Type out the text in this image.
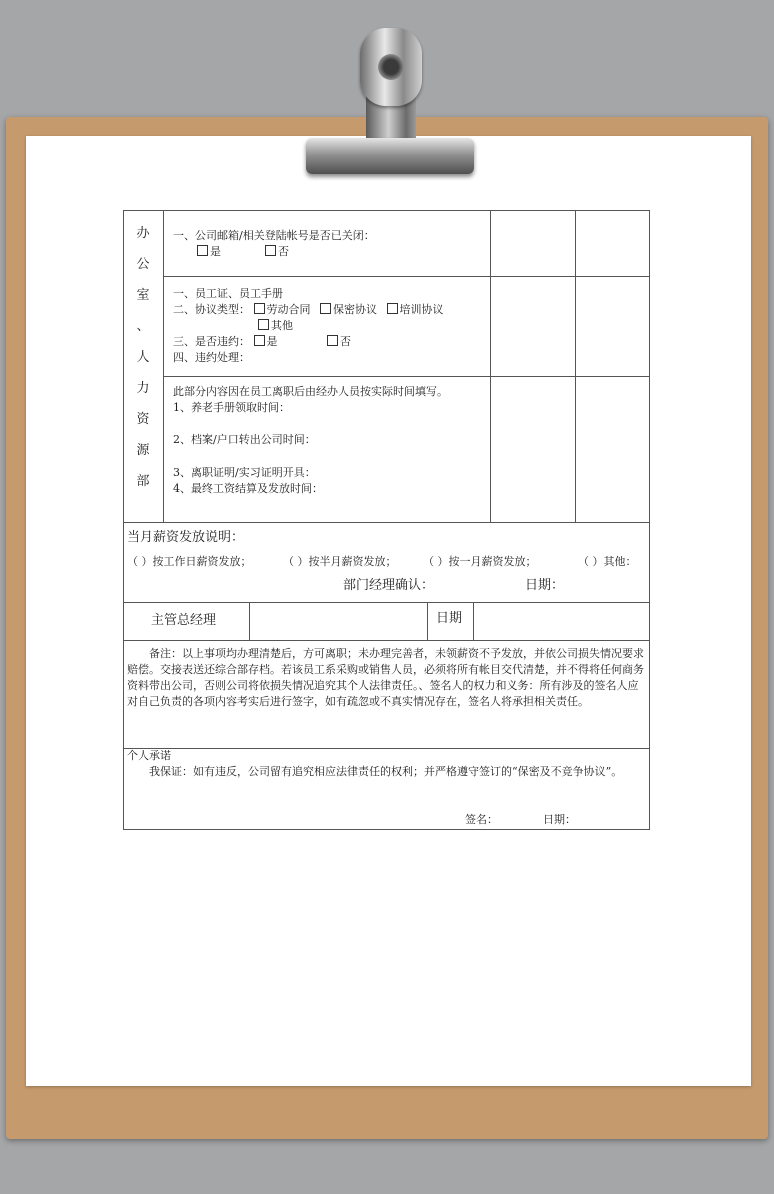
办
公
室
、
人
力
资
源
部
一、公司邮箱/相关登陆帐号是否已关闭：
是	否
一、员工证、员工手册
二、协议类型： 劳动合同 保密协议 培训协议
其他
三、是否违约： 是	否
四、违约处理：
此部分内容因在员工离职后由经办人员按实际时间填写。
1、养老手册领取时间：
2、档案/户口转出公司时间：
3、离职证明/实习证明开具：
4、最终工资结算及发放时间：
当月薪资发放说明：
（ ）按工作日薪资发放；	（ ）按半月薪资发放； （ ）按一月薪资发放；	（ ）其他：
部门经理确认：	日期：
主管总经理	日期
备注：以上事项均办理清楚后，方可离职；未办理完善者，未领薪资不予发放，并依公司损失情况要求赔偿。交接表送还综合部存档。若该员工系采购或销售人员，必须将所有帐目交代清楚，并不得将任何商务资料带出公司，否则公司将依损失情况追究其个人法律责任。、签名人的权力和义务：所有涉及的签名人应对自己负责的各项内容考实后进行签字，如有疏忽或不真实情况存在，签名人将承担相关责任。
个人承诺
我保证：如有违反，公司留有追究相应法律责任的权利；并严格遵守签订的“保密及不竞争协议”。
签名：	日期：
